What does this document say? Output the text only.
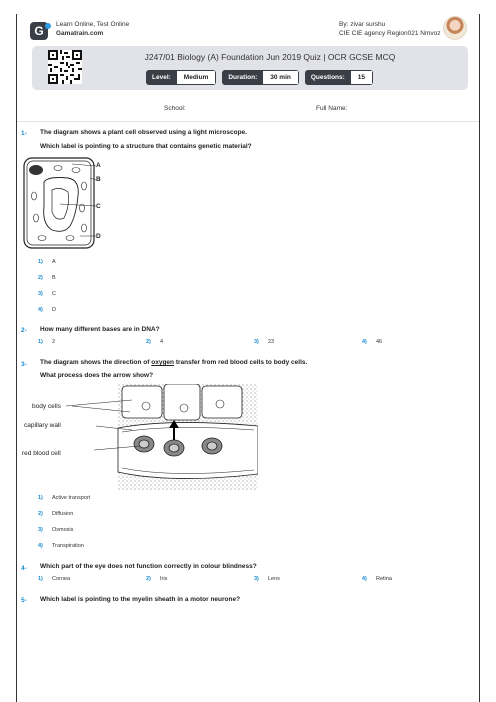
G Learn Online, Test Online
Gamatrain.com
By: zivar surshu
CIE CIE agency Region021 Nmvoz
J247/01 Biology (A) Foundation Jun 2019 Quiz | OCR GCSE MCQ
Level:	Medium	Duration:	30 min	Questions:	15
School:	Full Name:
1- The diagram shows a plant cell observed using a light microscope.
Which label is pointing to a structure that contains genetic material?
A
B
C
D
1) A
2) B
3) C
4) D
2- How many different bases are in DNA?
1) 2	2) 4	3) 23	4) 46
3- The diagram shows the direction of oxygen transfer from red blood cells to body cells.
What process does the arrow show?
body cells
capillary wall
red blood cell
1) Active transport
2) Diffusion
3) Osmosis
4) Transpiration
4- Which part of the eye does not function correctly in colour blindness?
1) Cornea	2) Iris	3) Lens	4) Retina
5- Which label is pointing to the myelin sheath in a motor neurone?
